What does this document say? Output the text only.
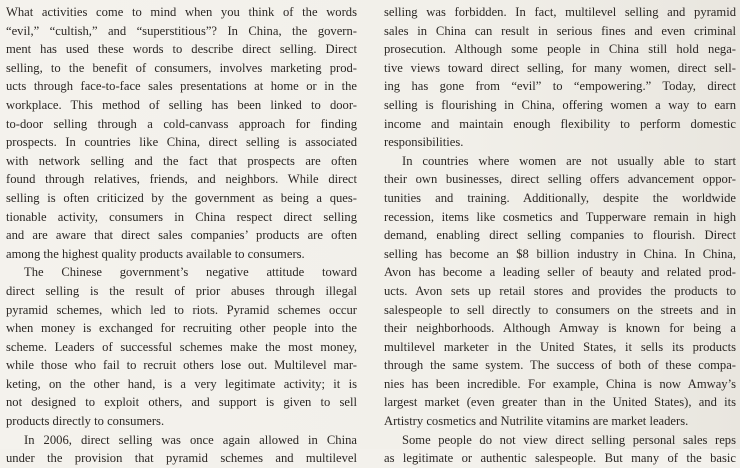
What activities come to mind when you think of the words
“evil,” “cultish,” and “superstitious”? In China, the govern-
ment has used these words to describe direct selling. Direct
selling, to the benefit of consumers, involves marketing prod-
ucts through face-to-face sales presentations at home or in the
workplace. This method of selling has been linked to door-
to-door selling through a cold-canvass approach for finding
prospects. In countries like China, direct selling is associated
with network selling and the fact that prospects are often
found through relatives, friends, and neighbors. While direct
selling is often criticized by the government as being a ques-
tionable activity, consumers in China respect direct selling
and are aware that direct sales companies’ products are often
among the highest quality products available to consumers.
The Chinese government’s negative attitude toward
direct selling is the result of prior abuses through illegal
pyramid schemes, which led to riots. Pyramid schemes occur
when money is exchanged for recruiting other people into the
scheme. Leaders of successful schemes make the most money,
while those who fail to recruit others lose out. Multilevel mar-
keting, on the other hand, is a very legitimate activity; it is
not designed to exploit others, and support is given to sell
products directly to consumers.
In 2006, direct selling was once again allowed in China
under the provision that pyramid schemes and multilevel
selling was forbidden. In fact, multilevel selling and pyramid
sales in China can result in serious fines and even criminal
prosecution. Although some people in China still hold nega-
tive views toward direct selling, for many women, direct sell-
ing has gone from “evil” to “empowering.” Today, direct
selling is flourishing in China, offering women a way to earn
income and maintain enough flexibility to perform domestic
responsibilities.
In countries where women are not usually able to start
their own businesses, direct selling offers advancement oppor-
tunities and training. Additionally, despite the worldwide
recession, items like cosmetics and Tupperware remain in high
demand, enabling direct selling companies to flourish. Direct
selling has become an $8 billion industry in China. In China,
Avon has become a leading seller of beauty and related prod-
ucts. Avon sets up retail stores and provides the products to
salespeople to sell directly to consumers on the streets and in
their neighborhoods. Although Amway is known for being a
multilevel marketer in the United States, it sells its products
through the same system. The success of both of these compa-
nies has been incredible. For example, China is now Amway’s
largest market (even greater than in the United States), and its
Artistry cosmetics and Nutrilite vitamins are market leaders.
Some people do not view direct selling personal sales reps
as legitimate or authentic salespeople. But many of the basic
